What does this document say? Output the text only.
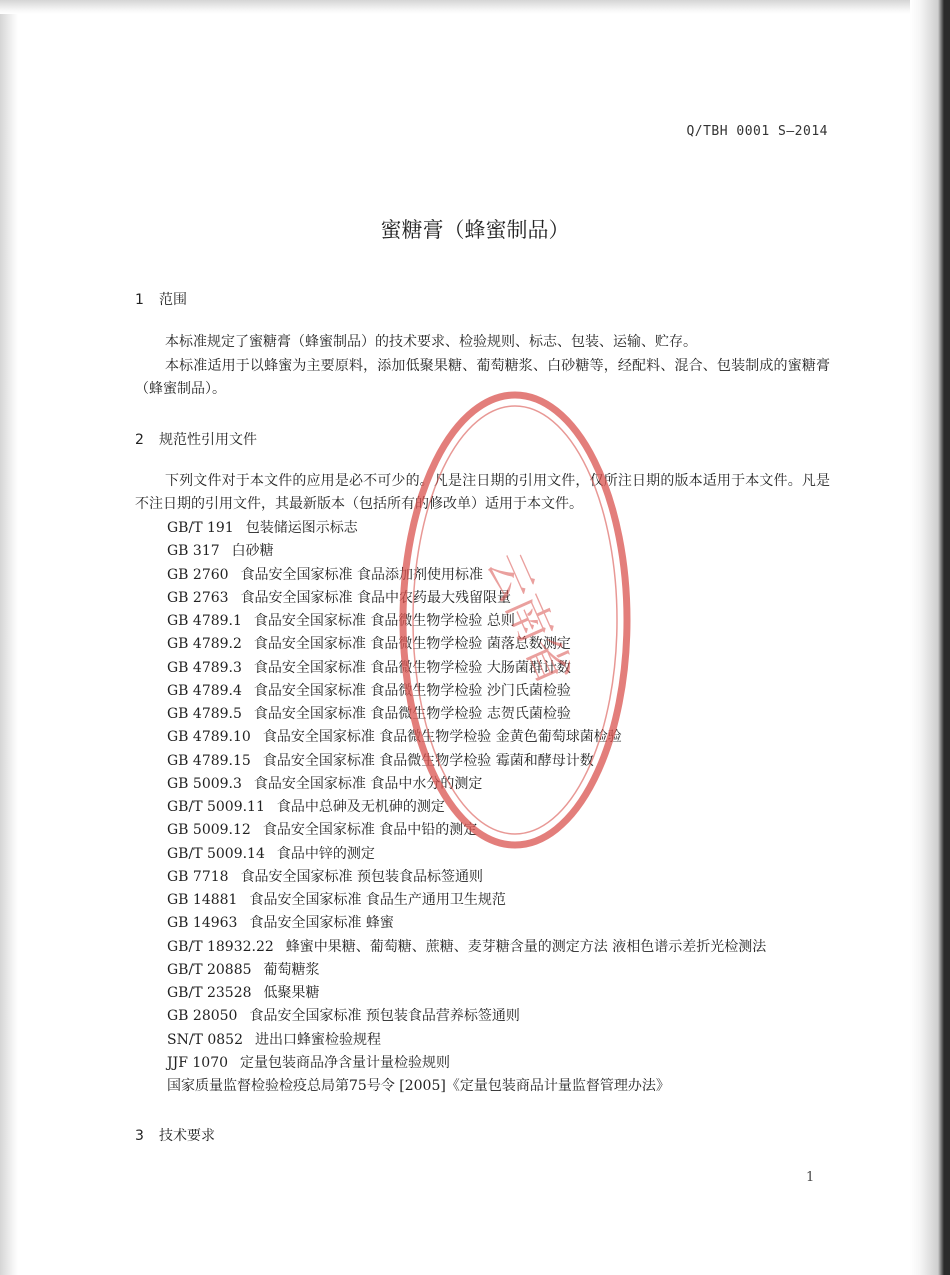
Q/TBH 0001 S—2014
蜜糖膏（蜂蜜制品）
1 范围

本标准规定了蜜糖膏（蜂蜜制品）的技术要求、检验规则、标志、包装、运输、贮存。

本标准适用于以蜂蜜为主要原料，添加低聚果糖、葡萄糖浆、白砂糖等，经配料、混合、包装制成的蜜糖膏（蜂蜜制品）。

2 规范性引用文件

下列文件对于本文件的应用是必不可少的。凡是注日期的引用文件，仅所注日期的版本适用于本文件。凡是不注日期的引用文件，其最新版本（包括所有的修改单）适用于本文件。

GB/T 191 包装储运图示标志
GB 317 白砂糖
GB 2760 食品安全国家标准 食品添加剂使用标准
GB 2763 食品安全国家标准 食品中农药最大残留限量
GB 4789.1 食品安全国家标准 食品微生物学检验 总则
GB 4789.2 食品安全国家标准 食品微生物学检验 菌落总数测定
GB 4789.3 食品安全国家标准 食品微生物学检验 大肠菌群计数
GB 4789.4 食品安全国家标准 食品微生物学检验 沙门氏菌检验
GB 4789.5 食品安全国家标准 食品微生物学检验 志贺氏菌检验
GB 4789.10 食品安全国家标准 食品微生物学检验 金黄色葡萄球菌检验
GB 4789.15 食品安全国家标准 食品微生物学检验 霉菌和酵母计数
GB 5009.3 食品安全国家标准 食品中水分的测定
GB/T 5009.11 食品中总砷及无机砷的测定
GB 5009.12 食品安全国家标准 食品中铅的测定
GB/T 5009.14 食品中锌的测定
GB 7718 食品安全国家标准 预包装食品标签通则
GB 14881 食品安全国家标准 食品生产通用卫生规范
GB 14963 食品安全国家标准 蜂蜜
GB/T 18932.22 蜂蜜中果糖、葡萄糖、蔗糖、麦芽糖含量的测定方法 液相色谱示差折光检测法
GB/T 20885 葡萄糖浆
GB/T 23528 低聚果糖
GB 28050 食品安全国家标准 预包装食品营养标签通则
SN/T 0852 进出口蜂蜜检验规程
JJF 1070 定量包装商品净含量计量检验规则
国家质量监督检验检疫总局第75号令 [2005]《定量包装商品计量监督管理办法》
3 技术要求
1
云南省
